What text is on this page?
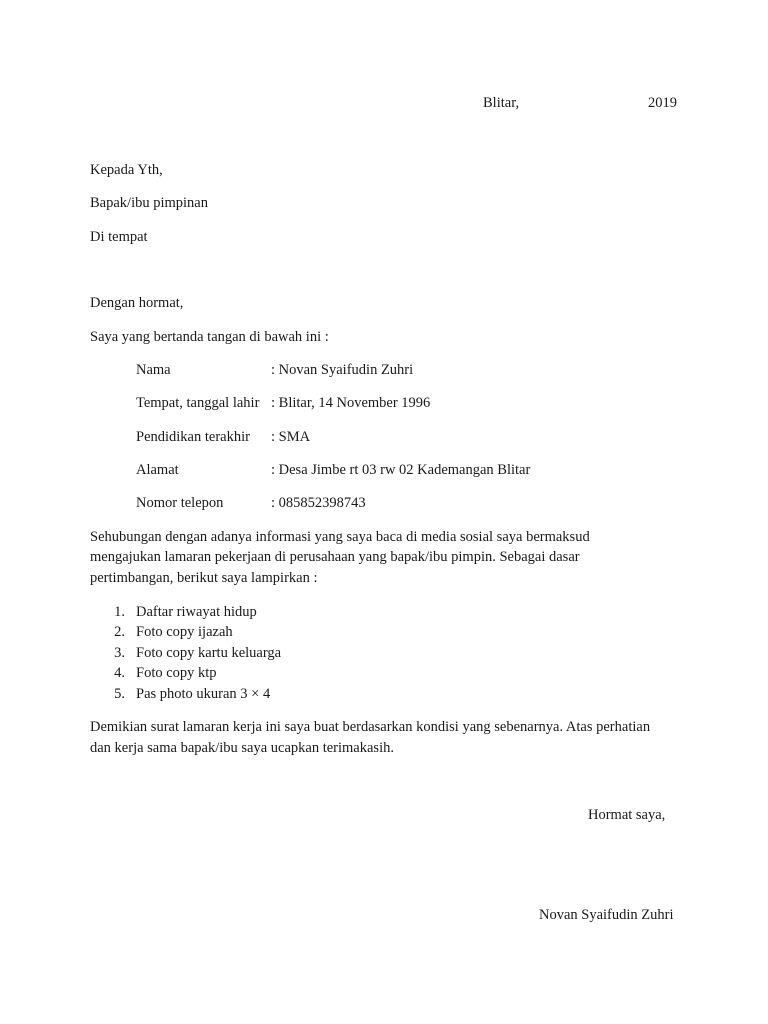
Blitar,	2019
Kepada Yth,
Bapak/ibu pimpinan
Di tempat
Dengan hormat,
Saya yang bertanda tangan di bawah ini :
Nama	: Novan Syaifudin Zuhri
Tempat, tanggal lahir : Blitar, 14 November 1996
Pendidikan terakhir : SMA
Alamat	: Desa Jimbe rt 03 rw 02 Kademangan Blitar
Nomor telepon	: 085852398743
Sehubungan dengan adanya informasi yang saya baca di media sosial saya bermaksud
mengajukan lamaran pekerjaan di perusahaan yang bapak/ibu pimpin. Sebagai dasar
pertimbangan, berikut saya lampirkan :
1. Daftar riwayat hidup
2. Foto copy ijazah
3. Foto copy kartu keluarga
4. Foto copy ktp
5. Pas photo ukuran 3 × 4
Demikian surat lamaran kerja ini saya buat berdasarkan kondisi yang sebenarnya. Atas perhatian
dan kerja sama bapak/ibu saya ucapkan terimakasih.
Hormat saya,
Novan Syaifudin Zuhri
